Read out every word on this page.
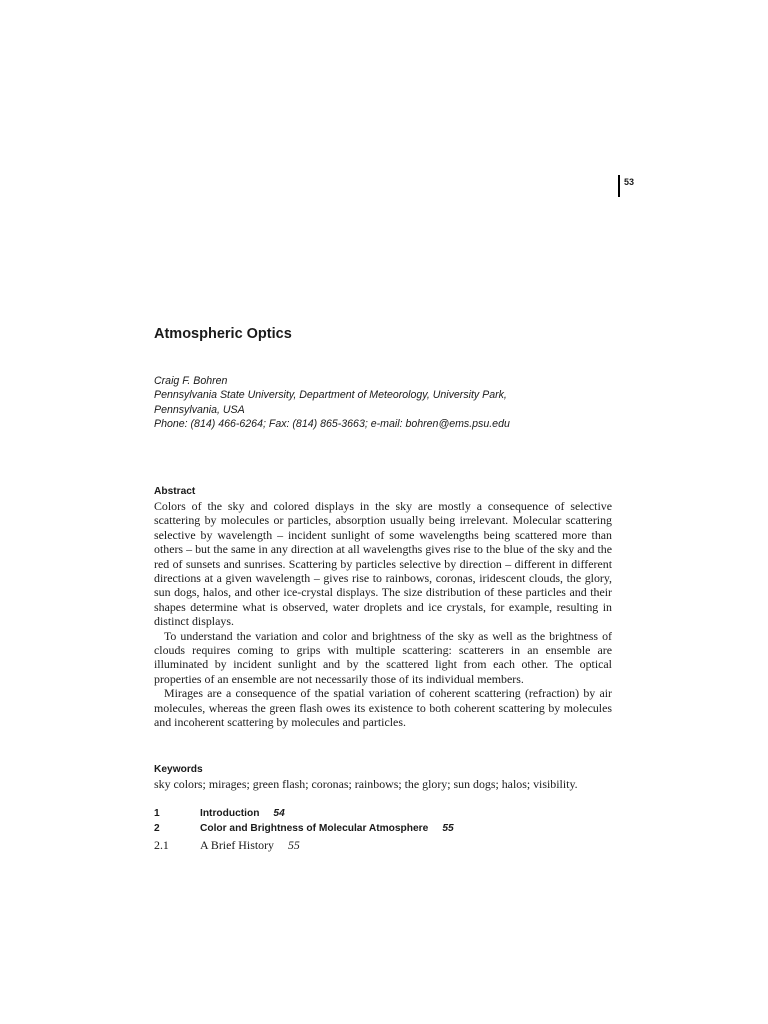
53
Atmospheric Optics
Craig F. Bohren
Pennsylvania State University, Department of Meteorology, University Park,
Pennsylvania, USA
Phone: (814) 466-6264; Fax: (814) 865-3663; e-mail: bohren@ems.psu.edu
Abstract

Colors of the sky and colored displays in the sky are mostly a consequence of selective scattering by molecules or particles, absorption usually being irrelevant. Molecular scattering selective by wavelength – incident sunlight of some wavelengths being scattered more than others – but the same in any direction at all wavelengths gives rise to the blue of the sky and the red of sunsets and sunrises. Scattering by particles selective by direction – different in different directions at a given wavelength – gives rise to rainbows, coronas, iridescent clouds, the glory, sun dogs, halos, and other ice-crystal displays. The size distribution of these particles and their shapes determine what is observed, water droplets and ice crystals, for example, resulting in distinct displays.

To understand the variation and color and brightness of the sky as well as the brightness of clouds requires coming to grips with multiple scattering: scatterers in an ensemble are illuminated by incident sunlight and by the scattered light from each other. The optical properties of an ensemble are not necessarily those of its individual members.

Mirages are a consequence of the spatial variation of coherent scattering (refraction) by air molecules, whereas the green flash owes its existence to both coherent scattering by molecules and incoherent scattering by molecules and particles.

Keywords
sky colors; mirages; green flash; coronas; rainbows; the glory; sun dogs; halos; visibility.
1	Introduction 54
2	Color and Brightness of Molecular Atmosphere 55
2.1	A Brief History 55
